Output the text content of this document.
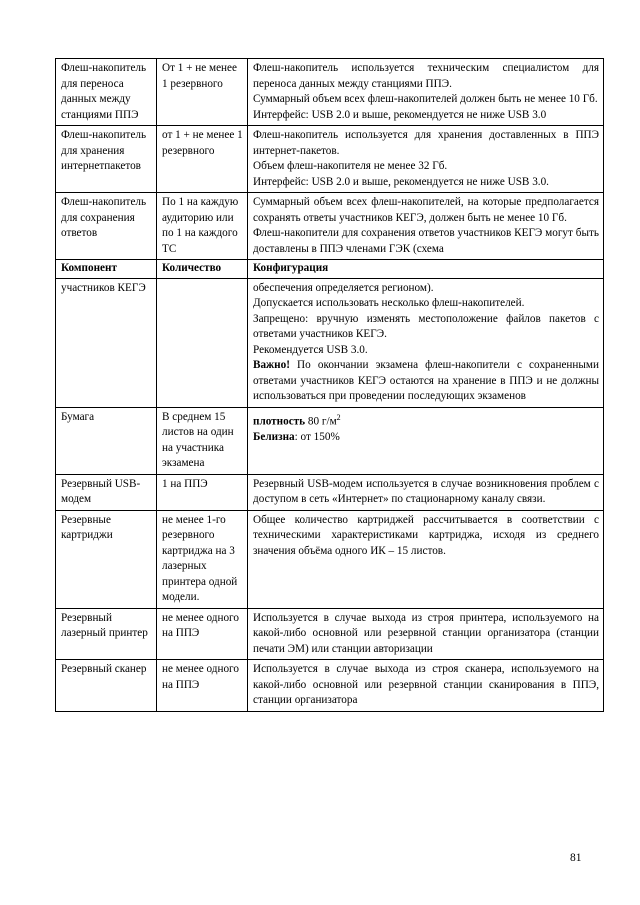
Флеш-накопитель для переноса данных между станциями ППЭ	От 1 + не менее 1 резервного	Флеш-накопитель используется техническим специалистом для переноса данных между станциями ППЭ.
Суммарный объем всех флеш-накопителей должен быть не менее 10 Гб.
Интерфейс: USB 2.0 и выше, рекомендуется не ниже USB 3.0

Флеш-накопитель для хранения интернетпакетов	от 1 + не менее 1 резервного	Флеш-накопитель используется для хранения доставленных в ППЭ интернет-пакетов.
Объем флеш-накопителя не менее 32 Гб.
Интерфейс: USB 2.0 и выше, рекомендуется не ниже USB 3.0.

Флеш-накопитель для сохранения ответов	По 1 на каждую аудиторию или по 1 на каждого ТС	Суммарный объем всех флеш-накопителей, на которые предполагается сохранять ответы участников КЕГЭ, должен быть не менее 10 Гб.
Флеш-накопители для сохранения ответов участников КЕГЭ могут быть доставлены в ППЭ членами ГЭК (схема

Компонент	Количество	Конфигурация
участников КЕГЭ		обеспечения определяется регионом).
Допускается использовать несколько флеш-накопителей.
Запрещено: вручную изменять местоположение файлов пакетов с ответами участников КЕГЭ.
Рекомендуется USB 3.0.
Важно! По окончании экзамена флеш-накопители с сохраненными ответами участников КЕГЭ остаются на хранение в ППЭ и не должны использоваться при проведении последующих экзаменов

Бумага	В среднем 15 листов на один на участника экзамена	плотность 80 $г/м^2$
Белизна: от 150%

Резервный USB-модем	1 на ППЭ	Резервный USB-модем используется в случае возникновения проблем с доступом в сеть «Интернет» по стационарному каналу связи.
Резервные картриджи	не менее 1-го резервного картриджа на 3 лазерных принтера одной модели.	Общее количество картриджей рассчитывается в соответствии с техническими характеристиками картриджа, исходя из среднего значения объёма одного ИК – 15 листов.
Резервный лазерный принтер	не менее одного на ППЭ	Используется в случае выхода из строя принтера, используемого на какой-либо основной или резервной станции организатора (станции печати ЭМ) или станции авторизации
Резервный сканер	не менее одного на ППЭ	Используется в случае выхода из строя сканера, используемого на какой-либо основной или резервной станции сканирования в ППЭ, станции организатора
81
